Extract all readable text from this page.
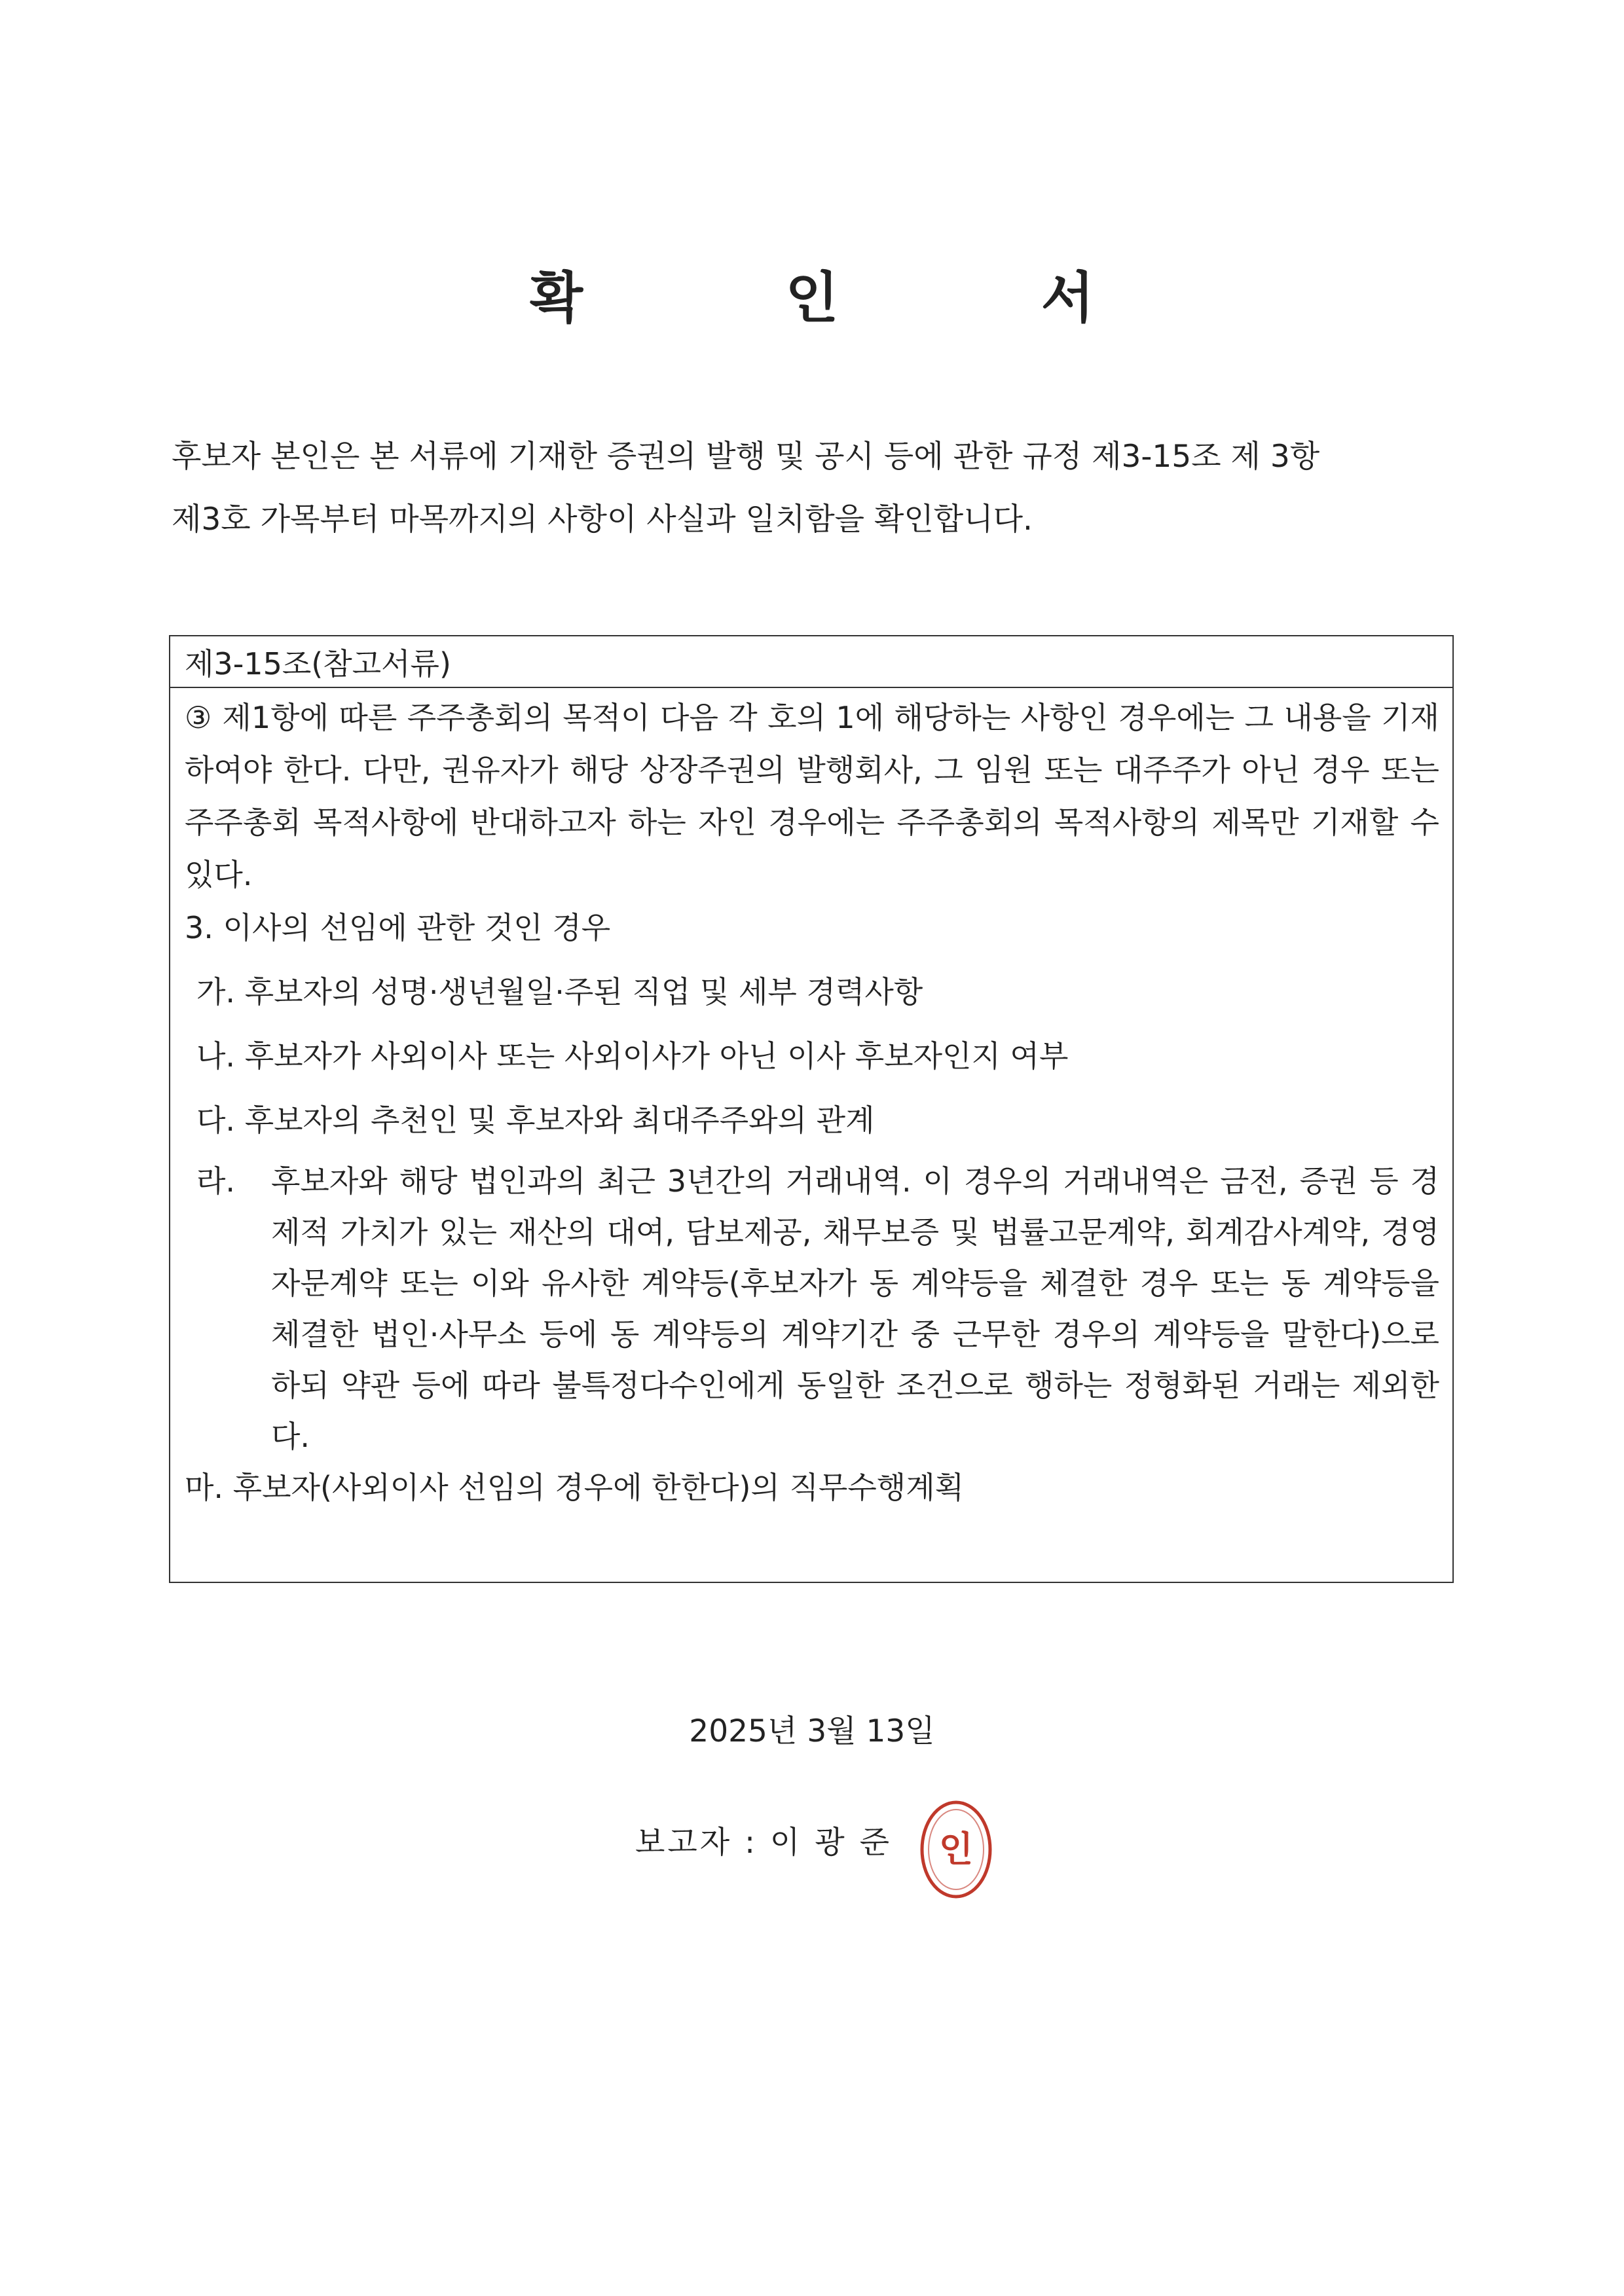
확 인 서

후보자 본인은 본 서류에 기재한 증권의 발행 및 공시 등에 관한 규정 제3-15조 제 3항

제3호 가목부터 마목까지의 사항이 사실과 일치함을 확인합니다.

제3-15조(참고서류)
③ 제1항에 따른 주주총회의 목적이 다음 각 호의 1에 해당하는 사항인 경우에는 그 내용을 기재하여야 한다. 다만, 권유자가 해당 상장주권의 발행회사, 그 임원 또는 대주주가 아닌 경우 또는 주주총회 목적사항에 반대하고자 하는 자인 경우에는 주주총회의 목적사항의 제목만 기재할 수 있다.
3. 이사의 선임에 관한 것인 경우
가. 후보자의 성명·생년월일·주된 직업 및 세부 경력사항
나. 후보자가 사외이사 또는 사외이사가 아닌 이사 후보자인지 여부
다. 후보자의 추천인 및 후보자와 최대주주와의 관계
라. 후보자와 해당 법인과의 최근 3년간의 거래내역. 이 경우의 거래내역은 금전, 증권 등 경제적 가치가 있는 재산의 대여, 담보제공, 채무보증 및 법률고문계약, 회계감사계약, 경영자문계약 또는 이와 유사한 계약등(후보자가 동 계약등을 체결한 경우 또는 동 계약등을 체결한 법인·사무소 등에 동 계약등의 계약기간 중 근무한 경우의 계약등을 말한다)으로 하되 약관 등에 따라 불특정다수인에게 동일한 조건으로 행하는 정형화된 거래는 제외한다.
마. 후보자(사외이사 선임의 경우에 한한다)의 직무수행계획
2025년 3월 13일
보고자 : 이 광 준 인
